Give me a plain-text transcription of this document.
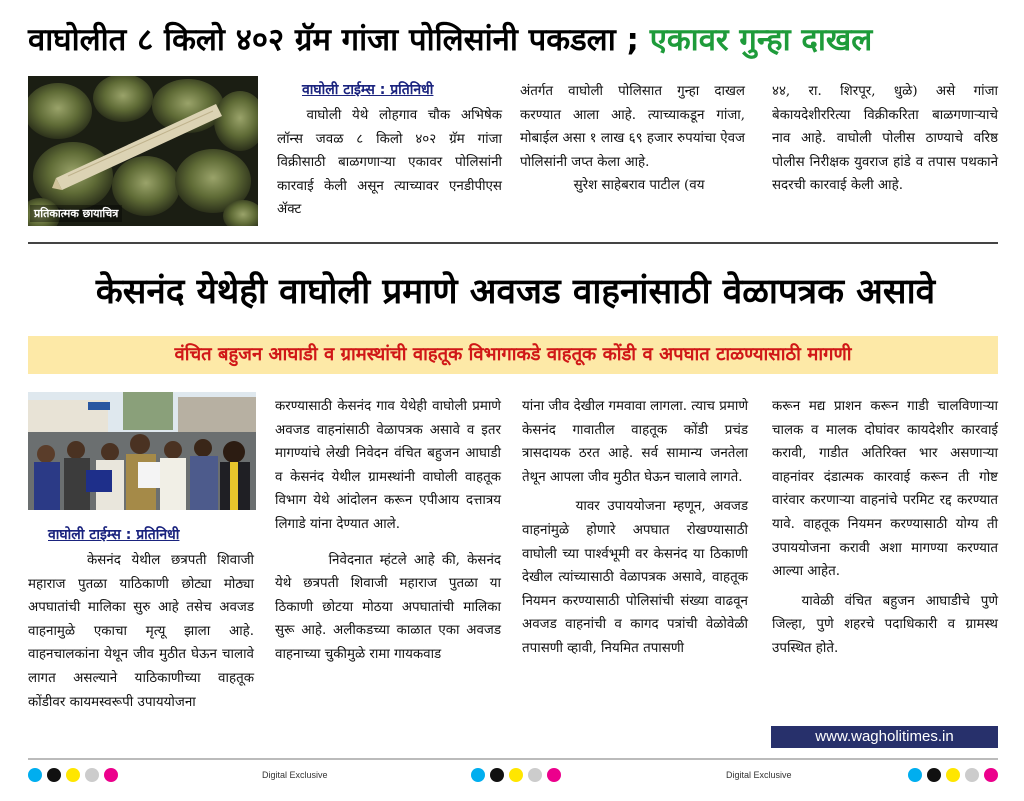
वाघोलीत ८ किलो ४०२ ग्रॅम गांजा पोलिसांनी पकडला ; एकावर गुन्हा दाखल
प्रतिकात्मक छायाचित्र
वाघोली टाईम्स : प्रतिनिधी

वाघोली येथे लोहगाव चौक अभिषेक लॉन्स जवळ ८ किलो ४०२ ग्रॅम गांजा विक्रीसाठी बाळगणाऱ्या एकावर पोलिसांनी कारवाई केली असून त्याच्यावर एनडीपीएस ॲक्ट

अंतर्गत वाघोली पोलिसात गुन्हा दाखल करण्यात आला आहे. त्याच्याकडून गांजा, मोबाईल असा १ लाख ६९ हजार रुपयांचा ऐवज पोलिसांनी जप्त केला आहे.

सुरेश साहेबराव पाटील (वय

४४, रा. शिरपूर, धुळे) असे गांजा बेकायदेशीररित्या विक्रीकरिता बाळगणाऱ्याचे नाव आहे. वाघोली पोलीस ठाण्याचे वरिष्ठ पोलीस निरीक्षक युवराज हांडे व तपास पथकाने सदरची कारवाई केली आहे.

केसनंद येथेही वाघोली प्रमाणे अवजड वाहनांसाठी वेळापत्रक असावे
वंचित बहुजन आघाडी व ग्रामस्थांची वाहतूक विभागाकडे वाहतूक कोंडी व अपघात टाळण्यासाठी मागणी
वाघोली टाईम्स : प्रतिनिधी

केसनंद येथील छत्रपती शिवाजी महाराज पुतळा याठिकाणी छोट्या मोठ्या अपघातांची मालिका सुरु आहे तसेच अवजड वाहनामुळे एकाचा मृत्यू झाला आहे. वाहनचालकांना येथून जीव मुठीत घेऊन चालावे लागत असल्याने याठिकाणीच्या वाहतूक कोंडीवर कायमस्वरूपी उपाययोजना

करण्यासाठी केसनंद गाव येथेही वाघोली प्रमाणे अवजड वाहनांसाठी वेळापत्रक असावे व इतर मागण्यांचे लेखी निवेदन वंचित बहुजन आघाडी व केसनंद येथील ग्रामस्थांनी वाघोली वाहतूक विभाग येथे आंदोलन करून एपीआय दत्तात्रय लिगाडे यांना देण्यात आले.

निवेदनात म्हंटले आहे की, केसनंद येथे छत्रपती शिवाजी महाराज पुतळा या ठिकाणी छोटया मोठया अपघातांची मालिका सुरू आहे. अलीकडच्या काळात एका अवजड वाहनाच्या चुकीमुळे रामा गायकवाड

यांना जीव देखील गमवावा लागला. त्याच प्रमाणे केसनंद गावातील वाहतूक कोंडी प्रचंड त्रासदायक ठरत आहे. सर्व सामान्य जनतेला तेथून आपला जीव मुठीत घेऊन चालावे लागते.

यावर उपाययोजना म्हणून, अवजड वाहनांमुळे होणारे अपघात रोखण्यासाठी वाघोली च्या पार्श्वभूमी वर केसनंद या ठिकाणी देखील त्यांच्यासाठी वेळापत्रक असावे, वाहतूक नियमन करण्यासाठी पोलिसांची संख्या वाढवून अवजड वाहनांची व कागद पत्रांची वेळोवेळी तपासणी व्हावी, नियमित तपासणी

करून मद्य प्राशन करून गाडी चालविणाऱ्या चालक व मालक दोघांवर कायदेशीर कारवाई करावी, गाडीत अतिरिक्त भार असणाऱ्या वाहनांवर दंडात्मक कारवाई करून ती गोष्ट वारंवार करणाऱ्या वाहनांचे परमिट रद्द करण्यात यावे. वाहतूक नियमन करण्यासाठी योग्य ती उपाययोजना करावी अशा मागण्या करण्यात आल्या आहेत.

यावेळी वंचित बहुजन आघाडीचे पुणे जिल्हा, पुणे शहरचे पदाधिकारी व ग्रामस्थ उपस्थित होते.

www.wagholitimes.in
Digital Exclusive	Digital Exclusive
